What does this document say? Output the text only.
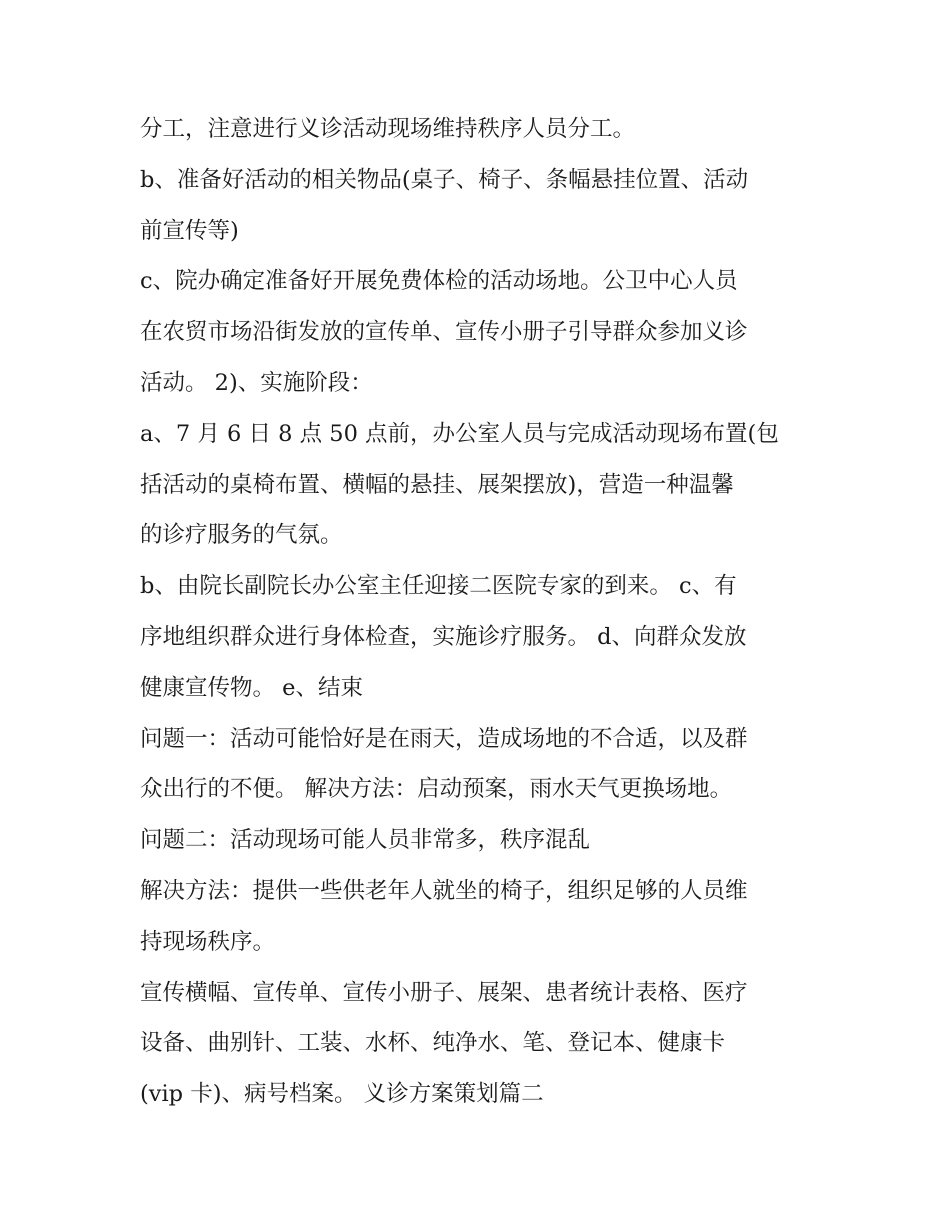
分工，注意进行义诊活动现场维持秩序人员分工。
b、准备好活动的相关物品(桌子、椅子、条幅悬挂位置、活动
前宣传等)
c、院办确定准备好开展免费体检的活动场地。公卫中心人员
在农贸市场沿街发放的宣传单、宣传小册子引导群众参加义诊
活动。 2)、实施阶段：
a、7 月 6 日 8 点 50 点前，办公室人员与完成活动现场布置(包
括活动的桌椅布置、横幅的悬挂、展架摆放)，营造一种温馨
的诊疗服务的气氛。
b、由院长副院长办公室主任迎接二医院专家的到来。 c、有
序地组织群众进行身体检查，实施诊疗服务。 d、向群众发放
健康宣传物。 e、结束
问题一：活动可能恰好是在雨天，造成场地的不合适，以及群
众出行的不便。 解决方法：启动预案，雨水天气更换场地。
问题二：活动现场可能人员非常多，秩序混乱
解决方法：提供一些供老年人就坐的椅子，组织足够的人员维
持现场秩序。
宣传横幅、宣传单、宣传小册子、展架、患者统计表格、医疗
设备、曲别针、工装、水杯、纯净水、笔、登记本、健康卡
(vip 卡)、病号档案。 义诊方案策划篇二
